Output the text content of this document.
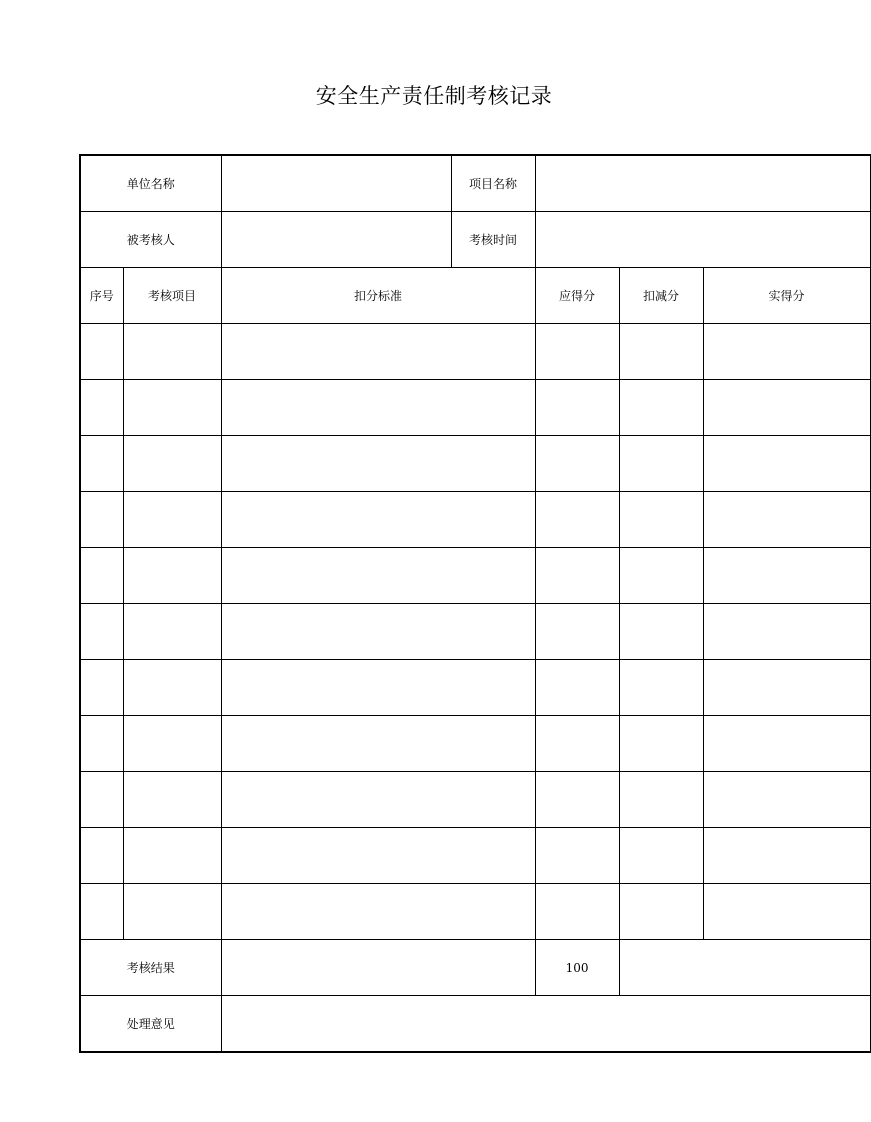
安全生产责任制考核记录
单位名称			项目名称			
被考核人			考核时间			
序号	考核项目	扣分标准		应得分	扣减分	实得分

考核结果				100		
处理意见						
